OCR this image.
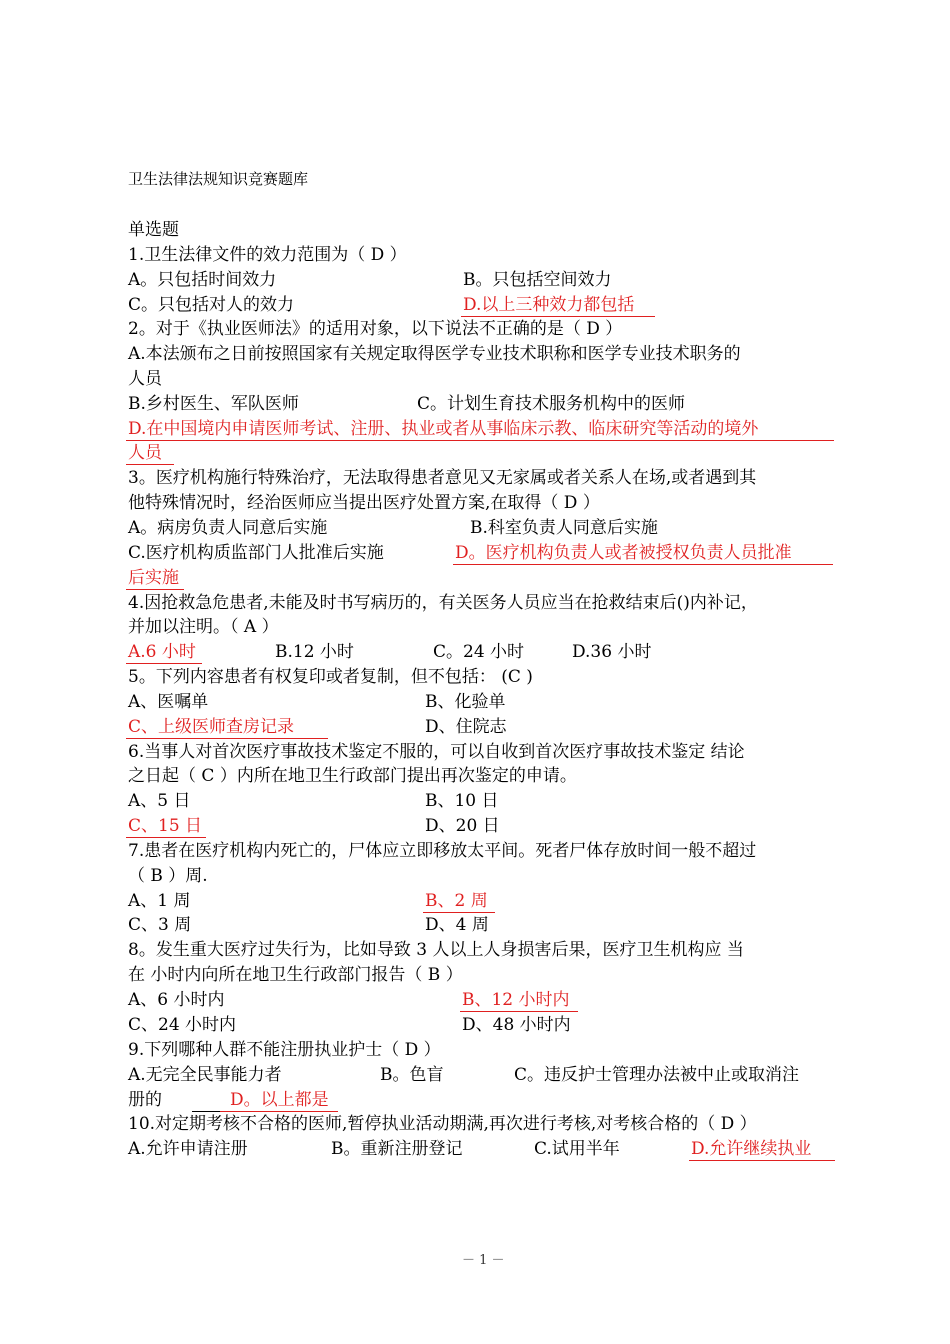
卫生法律法规知识竞赛题库
单选题
1.卫生法律文件的效力范围为（ D ）
A。只包括时间效力	B。只包括空间效力
C。只包括对人的效力	D.以上三种效力都包括
2。对于《执业医师法》的适用对象，以下说法不正确的是（ D ）
A.本法颁布之日前按照国家有关规定取得医学专业技术职称和医学专业技术职务的
人员
B.乡村医生、军队医师	C。计划生育技术服务机构中的医师
D.在中国境内申请医师考试、注册、执业或者从事临床示教、临床研究等活动的境外
人员
3。医疗机构施行特殊治疗，无法取得患者意见又无家属或者关系人在场,或者遇到其
他特殊情况时，经治医师应当提出医疗处置方案,在取得（ D ）
A。病房负责人同意后实施	B.科室负责人同意后实施
C.医疗机构质监部门人批准后实施	D。医疗机构负责人或者被授权负责人员批准
后实施
4.因抢救急危患者,未能及时书写病历的，有关医务人员应当在抢救结束后()内补记，
并加以注明。（ A ）
A.6 小时	B.12 小时	C。24 小时	D.36 小时
5。下列内容患者有权复印或者复制，但不包括： (C )
A、医嘱单	B、化验单
C、上级医师查房记录	D、住院志
6.当事人对首次医疗事故技术鉴定不服的，可以自收到首次医疗事故技术鉴定 结论
之日起（ C ）内所在地卫生行政部门提出再次鉴定的申请。
A、5 日	B、10 日
C、15 日	D、20 日
7.患者在医疗机构内死亡的，尸体应立即移放太平间。死者尸体存放时间一般不超过
（ B ）周.
A、1 周	B、2 周
C、3 周	D、4 周
8。发生重大医疗过失行为，比如导致 3 人以上人身损害后果，医疗卫生机构应 当
在 小时内向所在地卫生行政部门报告（ B ）
A、6 小时内	B、12 小时内
C、24 小时内	D、48 小时内
9.下列哪种人群不能注册执业护士（ D ）
A.无完全民事能力者	B。色盲	C。违反护士管理办法被中止或取消注
册的	D。以上都是
10.对定期考核不合格的医师,暂停执业活动期满,再次进行考核,对考核合格的（ D ）
A.允许申请注册	B。重新注册登记	C.试用半年	D.允许继续执业
－ 1 －
